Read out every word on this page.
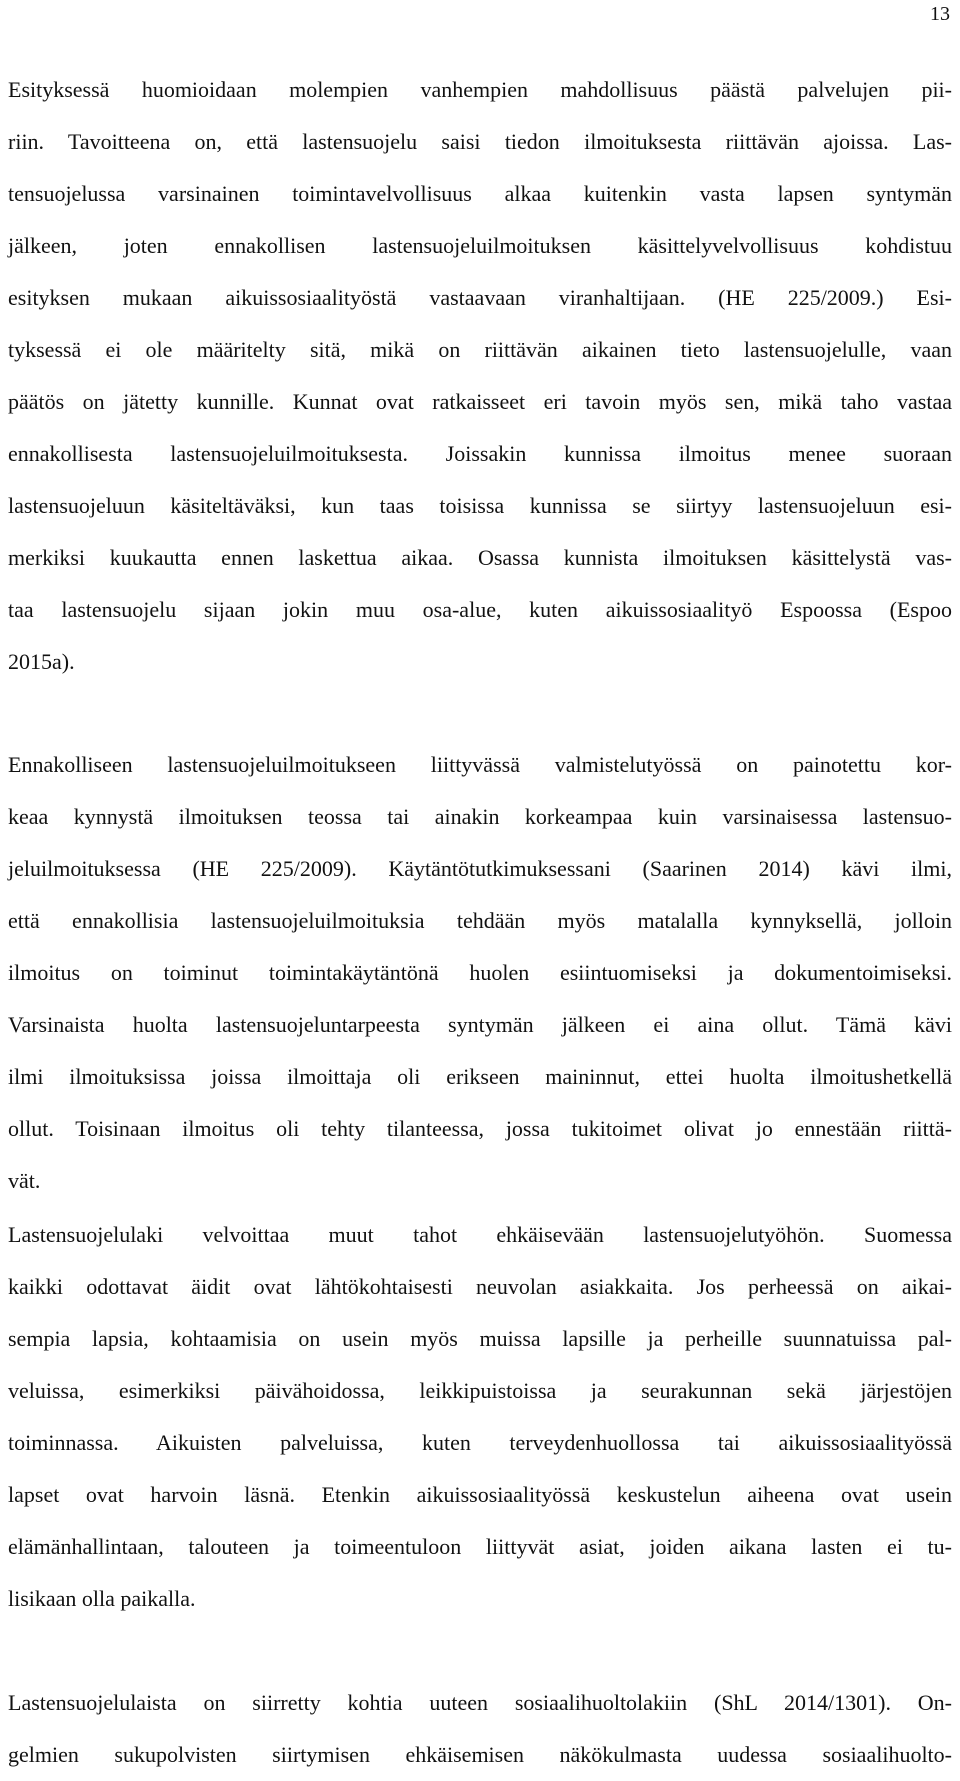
13
Esityksessä huomioidaan molempien vanhempien mahdollisuus päästä palvelujen pii-
riin. Tavoitteena on, että lastensuojelu saisi tiedon ilmoituksesta riittävän ajoissa. Las-
tensuojelussa varsinainen toimintavelvollisuus alkaa kuitenkin vasta lapsen syntymän
jälkeen, joten ennakollisen lastensuojeluilmoituksen käsittelyvelvollisuus kohdistuu
esityksen mukaan aikuissosiaalityöstä vastaavaan viranhaltijaan. (HE 225/2009.) Esi-
tyksessä ei ole määritelty sitä, mikä on riittävän aikainen tieto lastensuojelulle, vaan
päätös on jätetty kunnille. Kunnat ovat ratkaisseet eri tavoin myös sen, mikä taho vastaa
ennakollisesta lastensuojeluilmoituksesta. Joissakin kunnissa ilmoitus menee suoraan
lastensuojeluun käsiteltäväksi, kun taas toisissa kunnissa se siirtyy lastensuojeluun esi-
merkiksi kuukautta ennen laskettua aikaa. Osassa kunnista ilmoituksen käsittelystä vas-
taa lastensuojelu sijaan jokin muu osa-alue, kuten aikuissosiaalityö Espoossa (Espoo
2015a).
Ennakolliseen lastensuojeluilmoitukseen liittyvässä valmistelutyössä on painotettu kor-
keaa kynnystä ilmoituksen teossa tai ainakin korkeampaa kuin varsinaisessa lastensuo-
jeluilmoituksessa (HE 225/2009). Käytäntötutkimuksessani (Saarinen 2014) kävi ilmi,
että ennakollisia lastensuojeluilmoituksia tehdään myös matalalla kynnyksellä, jolloin
ilmoitus on toiminut toimintakäytäntönä huolen esiintuomiseksi ja dokumentoimiseksi.
Varsinaista huolta lastensuojeluntarpeesta syntymän jälkeen ei aina ollut. Tämä kävi
ilmi ilmoituksissa joissa ilmoittaja oli erikseen maininnut, ettei huolta ilmoitushetkellä
ollut. Toisinaan ilmoitus oli tehty tilanteessa, jossa tukitoimet olivat jo ennestään riittä-
vät.
Lastensuojelulaki velvoittaa muut tahot ehkäisevään lastensuojelutyöhön. Suomessa
kaikki odottavat äidit ovat lähtökohtaisesti neuvolan asiakkaita. Jos perheessä on aikai-
sempia lapsia, kohtaamisia on usein myös muissa lapsille ja perheille suunnatuissa pal-
veluissa, esimerkiksi päivähoidossa, leikkipuistoissa ja seurakunnan sekä järjestöjen
toiminnassa. Aikuisten palveluissa, kuten terveydenhuollossa tai aikuissosiaalityössä
lapset ovat harvoin läsnä. Etenkin aikuissosiaalityössä keskustelun aiheena ovat usein
elämänhallintaan, talouteen ja toimeentuloon liittyvät asiat, joiden aikana lasten ei tu-
lisikaan olla paikalla.
Lastensuojelulaista on siirretty kohtia uuteen sosiaalihuoltolakiin (ShL 2014/1301). On-
gelmien sukupolvisten siirtymisen ehkäisemisen näkökulmasta uudessa sosiaalihuolto-
